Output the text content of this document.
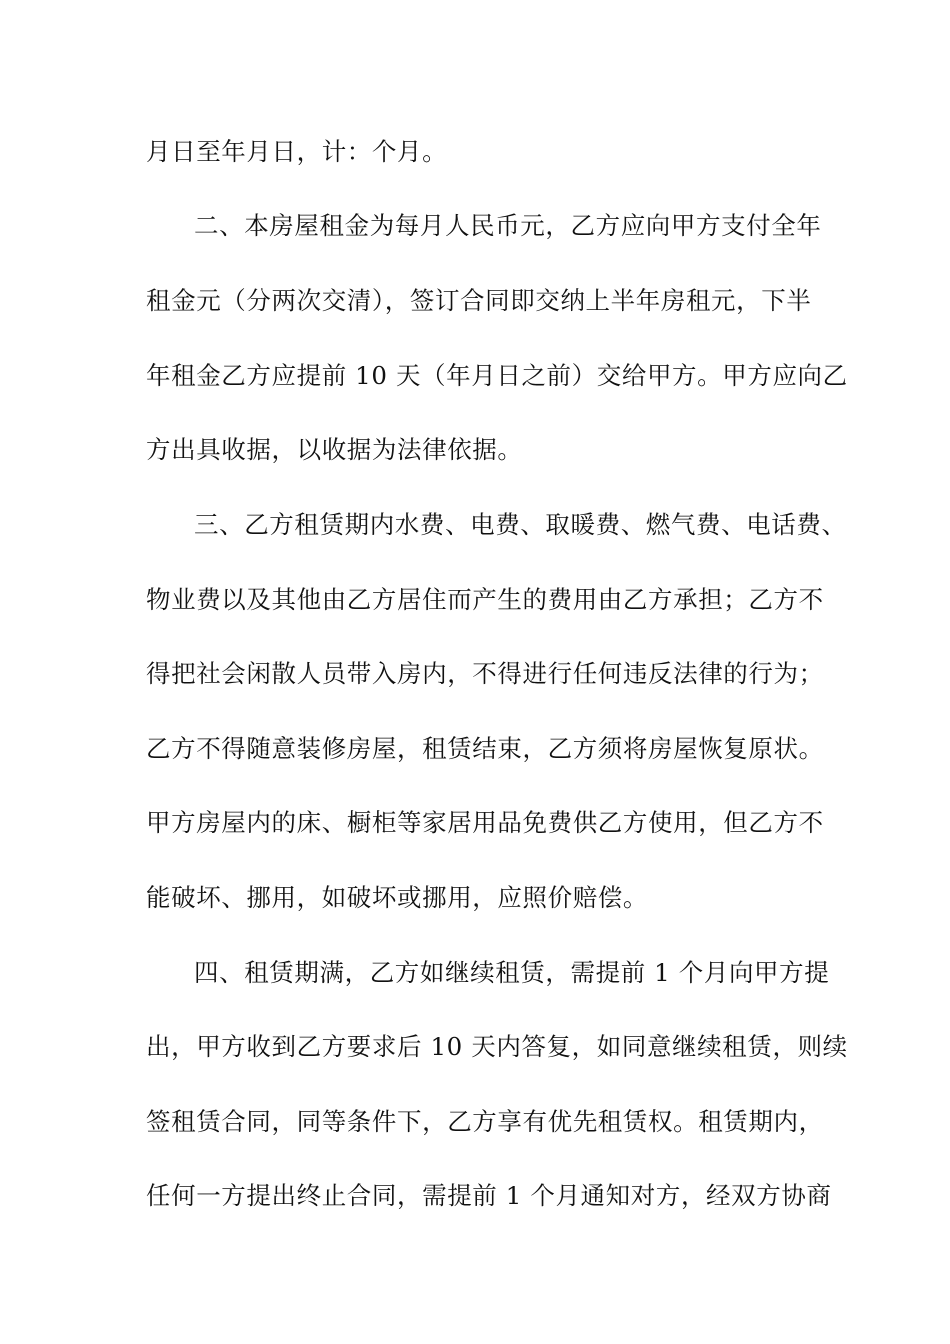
月日至年月日，计：个月。
二、本房屋租金为每月人民币元，乙方应向甲方支付全年
租金元（分两次交清），签订合同即交纳上半年房租元，下半
年租金乙方应提前 10 天（年月日之前）交给甲方。甲方应向乙
方出具收据，以收据为法律依据。
三、乙方租赁期内水费、电费、取暖费、燃气费、电话费、
物业费以及其他由乙方居住而产生的费用由乙方承担；乙方不
得把社会闲散人员带入房内，不得进行任何违反法律的行为；
乙方不得随意装修房屋，租赁结束，乙方须将房屋恢复原状。
甲方房屋内的床、橱柜等家居用品免费供乙方使用，但乙方不
能破坏、挪用，如破坏或挪用，应照价赔偿。
四、租赁期满，乙方如继续租赁，需提前 1 个月向甲方提
出，甲方收到乙方要求后 10 天内答复，如同意继续租赁，则续
签租赁合同，同等条件下，乙方享有优先租赁权。租赁期内，
任何一方提出终止合同，需提前 1 个月通知对方，经双方协商
